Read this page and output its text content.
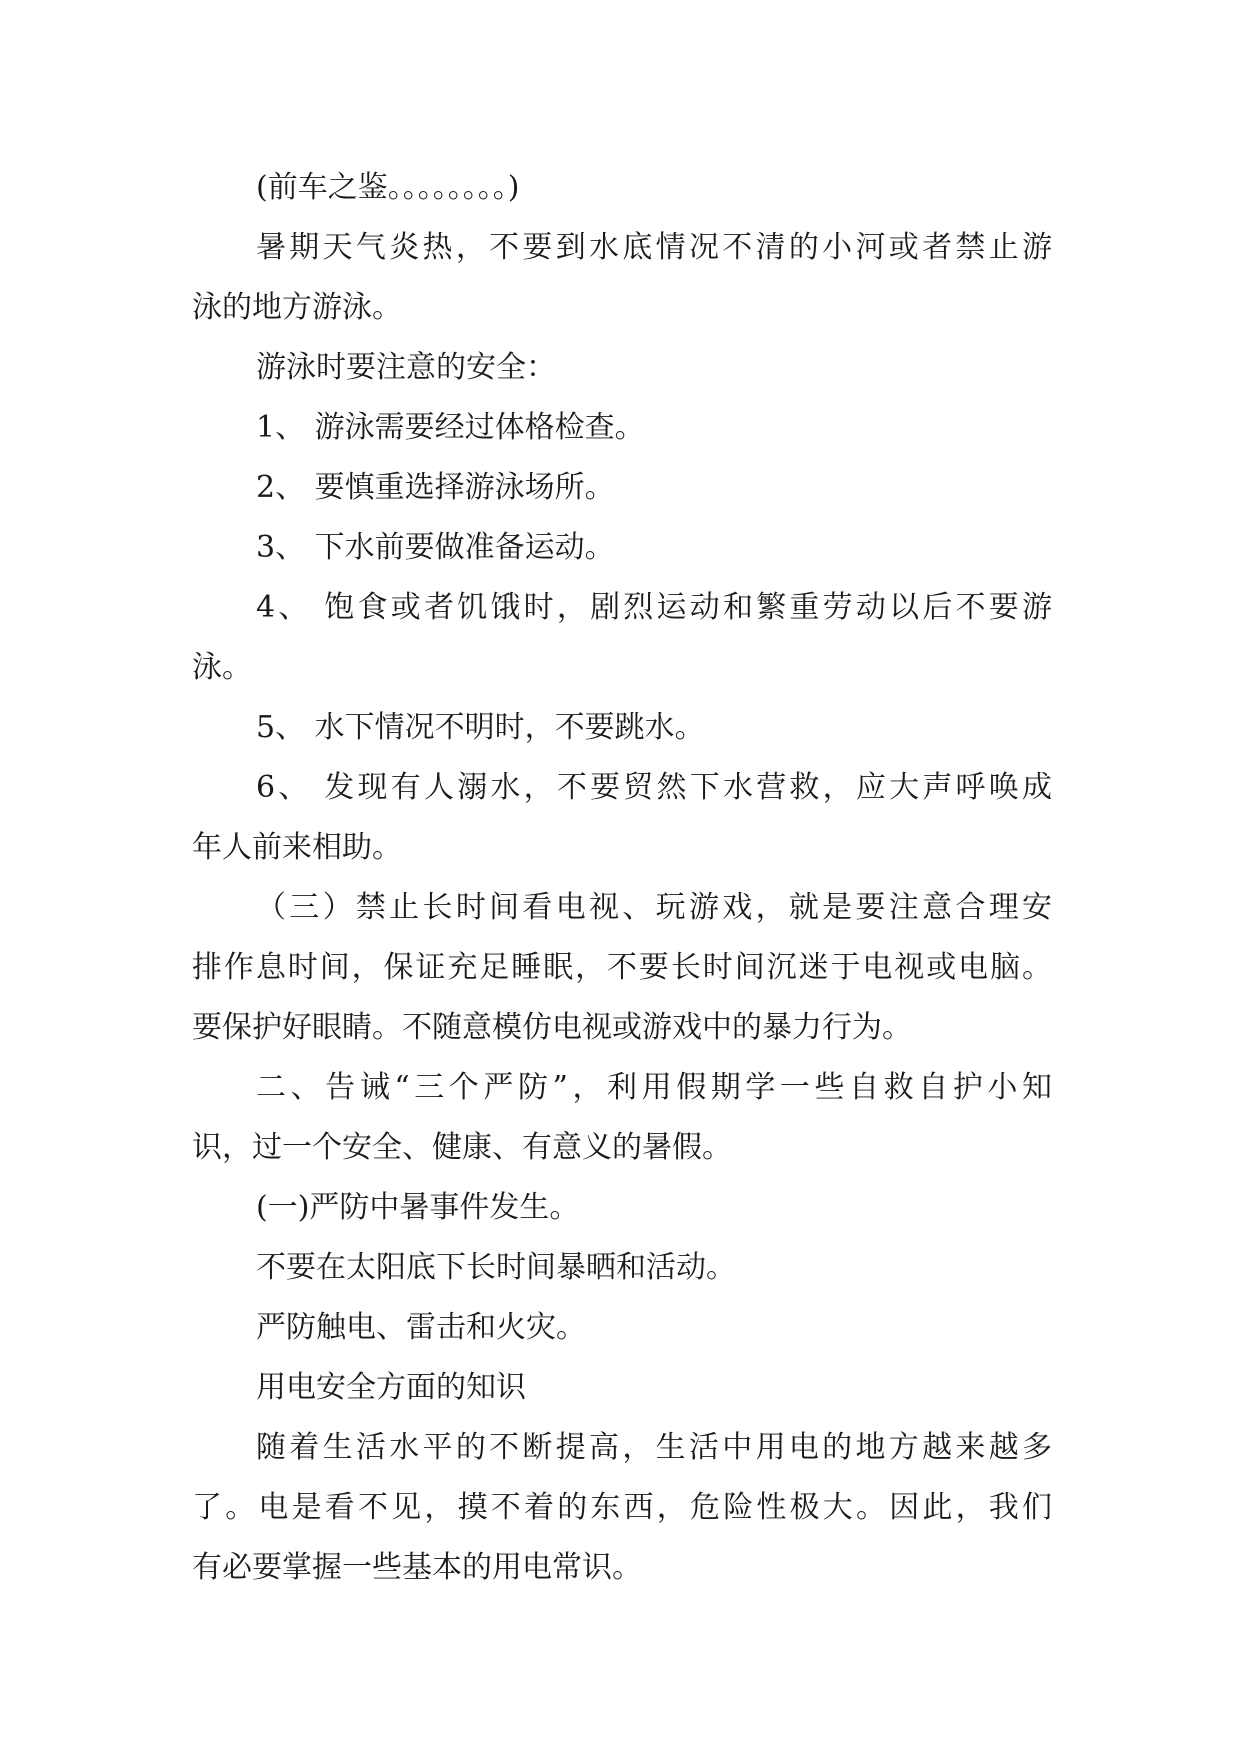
(前车之鉴。。。。。。。。)

暑期天气炎热，不要到水底情况不清的小河或者禁止游

泳的地方游泳。

游泳时要注意的安全：

1、 游泳需要经过体格检查。

2、 要慎重选择游泳场所。

3、 下水前要做准备运动。

4、 饱食或者饥饿时，剧烈运动和繁重劳动以后不要游

泳。

5、 水下情况不明时，不要跳水。

6、 发现有人溺水，不要贸然下水营救，应大声呼唤成

年人前来相助。

（三）禁止长时间看电视、玩游戏，就是要注意合理安

排作息时间，保证充足睡眠，不要长时间沉迷于电视或电脑。

要保护好眼睛。不随意模仿电视或游戏中的暴力行为。

二、告诫“三个严防”，利用假期学一些自救自护小知

识，过一个安全、健康、有意义的暑假。

(一)严防中暑事件发生。

不要在太阳底下长时间暴晒和活动。

严防触电、雷击和火灾。

用电安全方面的知识

随着生活水平的不断提高，生活中用电的地方越来越多

了。电是看不见，摸不着的东西，危险性极大。因此，我们

有必要掌握一些基本的用电常识。
